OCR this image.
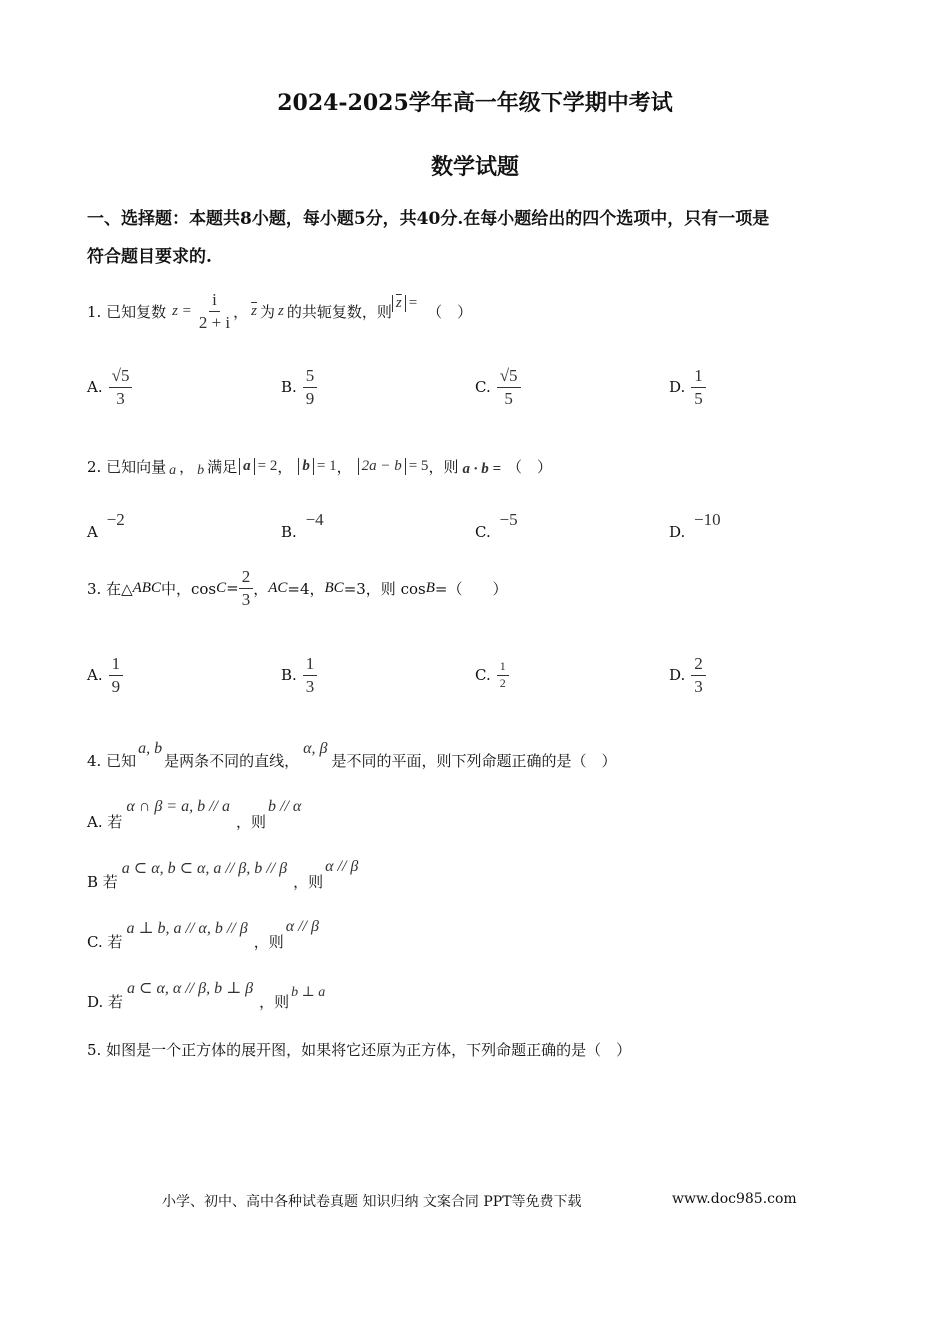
2024-2025学年高一年级下学期中考试
数学试题
一、选择题：本题共8小题，每小题5分，共40分.在每小题给出的四个选项中，只有一项是
符合题目要求的.
1. 已知复数 $z = \frac{i}{2 + i}$ ， $\overline{z}$ 为 z 的共轭复数，则 $\overline{z}$ = （　）
A. $\frac{√5}{3}$	B. $\frac{5}{9}$	C. $\frac{√5}{5}$	D. $\frac{1}{5}$
2. 已知向量 a ， b 满足 a = 2 ， b = 1 ， 2a − b = 5 ，则 a · b = （　）
A −2
B. −4
C. −5
D. −10
3. 在△ ABC 中，$\cos C = \frac{2}{3}$ ， AC =4， BC =3，则 cos B =（　　）
A. $\frac{1}{9}$	B. $\frac{1}{3}$	C. $\frac{1}{2}$	D. $\frac{2}{3}$
4. 已知
a, b
是两条不同的直线，
α, β
是不同的平面，则下列命题正确的是（　）
A. 若
α ∩ β = a, b // a
，则
b // α
B 若
a ⊂ α, b ⊂ α, a // β, b // β
，则
α // β
C. 若
a ⊥ b, a // α, b // β
，则
α // β
D. 若
a ⊂ α, α // β, b ⊥ β
，则
b ⊥ a
5. 如图是一个正方体的展开图，如果将它还原为正方体，下列命题正确的是（　）
小学、初中、高中各种试卷真题 知识归纳 文案合同 PPT等免费下载	www.doc985.com
